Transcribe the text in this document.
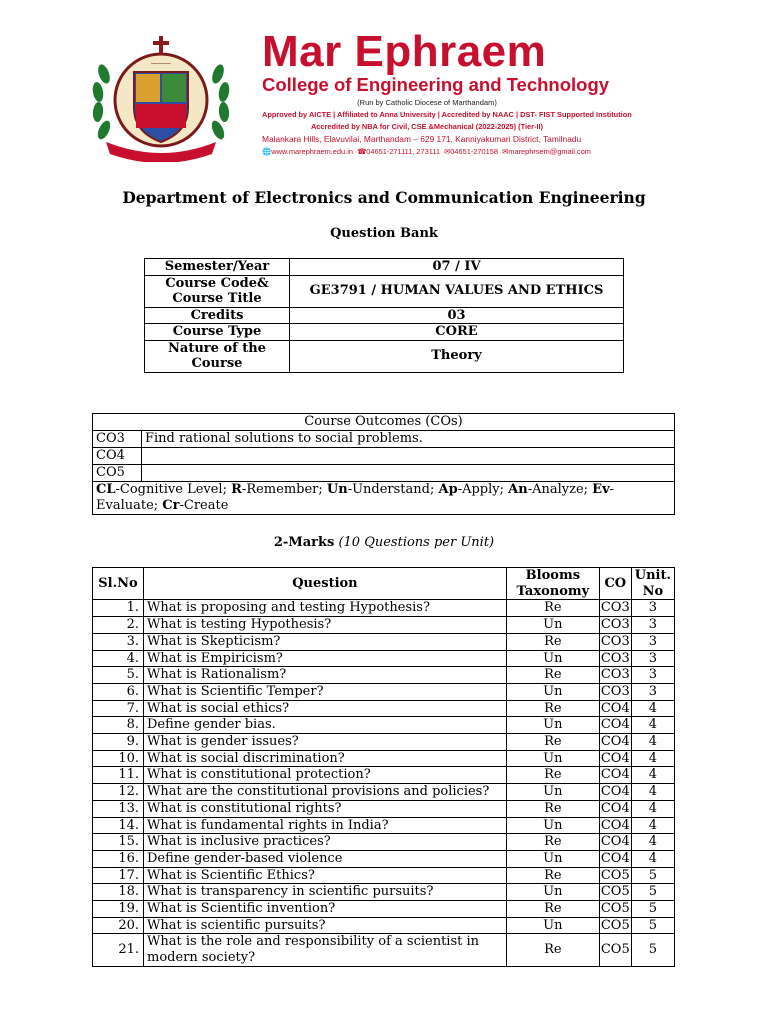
_____ Mar Ephraem
College of Engineering and Technology
(Run by Catholic Diocese of Marthandam)
Approved by AICTE | Affiliated to Anna University | Accredited by NAAC | DST- FIST Supported Institution
Accredited by NBA for Civil, CSE &Mechanical (2022-2025) (Tier-II)
Malankara Hills, Elavuvilai, Marthandam – 629 171, Kanniyakumari District, Tamilnadu
🌐www.marephraem.edu.in ☎04651-271111, 273111 ✉04651-270158 ✉marephrsem@gmail.com
Department of Electronics and Communication Engineering
Question Bank
Semester/Year	07 / IV
Course Code& Course Title	GE3791 / HUMAN VALUES AND ETHICS
Credits	03
Course Type	CORE
Nature of the Course	Theory
Course Outcomes (COs)	
CO3	Find rational solutions to social problems.
CO4	
CO5	
CL-Cognitive Level; R-Remember; Un-Understand; Ap-Apply; An-Analyze; Ev-Evaluate; Cr-Create	
2-Marks (10 Questions per Unit)
Sl.No	Question	Blooms Taxonomy	CO	Unit. No
1.	What is proposing and testing Hypothesis?	Re	CO3	3
2.	What is testing Hypothesis?	Un	CO3	3
3.	What is Skepticism?	Re	CO3	3
4.	What is Empiricism?	Un	CO3	3
5.	What is Rationalism?	Re	CO3	3
6.	What is Scientific Temper?	Un	CO3	3
7.	What is social ethics?	Re	CO4	4
8.	Define gender bias.	Un	CO4	4
9.	What is gender issues?	Re	CO4	4
10.	What is social discrimination?	Un	CO4	4
11.	What is constitutional protection?	Re	CO4	4
12.	What are the constitutional provisions and policies?	Un	CO4	4
13.	What is constitutional rights?	Re	CO4	4
14.	What is fundamental rights in India?	Un	CO4	4
15.	What is inclusive practices?	Re	CO4	4
16.	Define gender-based violence	Un	CO4	4
17.	What is Scientific Ethics?	Re	CO5	5
18.	What is transparency in scientific pursuits?	Un	CO5	5
19.	What is Scientific invention?	Re	CO5	5
20.	What is scientific pursuits?	Un	CO5	5
21.	What is the role and responsibility of a scientist in modern society?	Re	CO5	5
